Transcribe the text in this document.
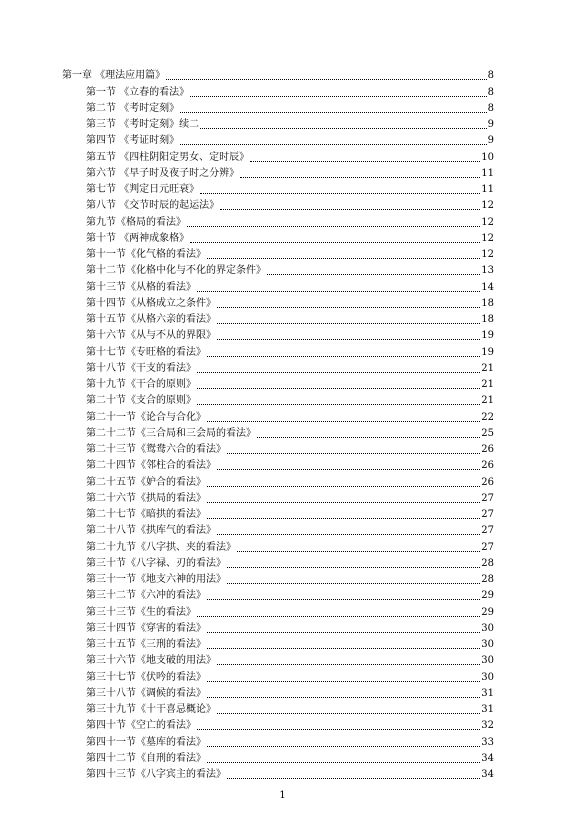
第一章 《理法应用篇》	8
第一节 《立春的看法》	8
第二节 《考时定刻》	8
第三节 《考时定刻》续二	9
第四节 《考证时刻》	9
第五节 《四柱阴阳定男女、定时辰》	10
第六节 《早子时及夜子时之分辨》	11
第七节 《判定日元旺衰》	11
第八节 《交节时辰的起运法》	12
第九节《格局的看法》	12
第十节 《两神成象格》	12
第十一节《化气格的看法》	12
第十二节《化格中化与不化的界定条件》	13
第十三节《从格的看法》	14
第十四节《从格成立之条件》	18
第十五节《从格六亲的看法》	18
第十六节《从与不从的界限》	19
第十七节《专旺格的看法》	19
第十八节《干支的看法》	21
第十九节《干合的原则》	21
第二十节《支合的原则》	21
第二十一节《论合与合化》	22
第二十二节《三合局和三会局的看法》	25
第二十三节《鸳鸯六合的看法》	26
第二十四节《邻柱合的看法》	26
第二十五节《妒合的看法》	26
第二十六节《拱局的看法》	27
第二十七节《暗拱的看法》	27
第二十八节《拱库气的看法》	27
第二十九节《八字拱、夹的看法》	27
第三十节《八字禄、刃的看法》	28
第三十一节《地支六神的用法》	28
第三十二节《六冲的看法》	29
第三十三节《生的看法》	29
第三十四节《穿害的看法》	30
第三十五节《三刑的看法》	30
第三十六节《地支破的用法》	30
第三十七节《伏吟的看法》	30
第三十八节《调候的看法》	31
第三十九节《十干喜忌概论》	31
第四十节《空亡的看法》	32
第四十一节《墓库的看法》	33
第四十二节《自刑的看法》	34
第四十三节《八字宾主的看法》	34
1
